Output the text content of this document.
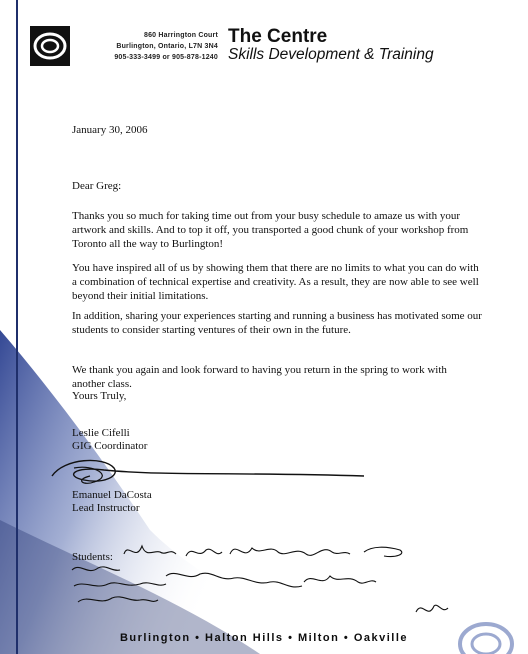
860 Harrington Court
Burlington, Ontario, L7N 3N4
905-333-3499 or 905-878-1240
The Centre
Skills Development & Training
January 30, 2006
Dear Greg:

Thanks you so much for taking time out from your busy schedule to amaze us with your artwork and skills. And to top it off, you transported a good chunk of your workshop from Toronto all the way to Burlington!

You have inspired all of us by showing them that there are no limits to what you can do with a combination of technical expertise and creativity. As a result, they are now able to see well beyond their initial limitations.

In addition, sharing your experiences starting and running a business has motivated some our students to consider starting ventures of their own in the future.

We thank you again and look forward to having you return in the spring to work with another class.

Yours Truly,
Leslie Cifelli
GIG Coordinator
Emanuel DaCosta
Lead Instructor
Students:
Burlington • Halton Hills • Milton • Oakville
